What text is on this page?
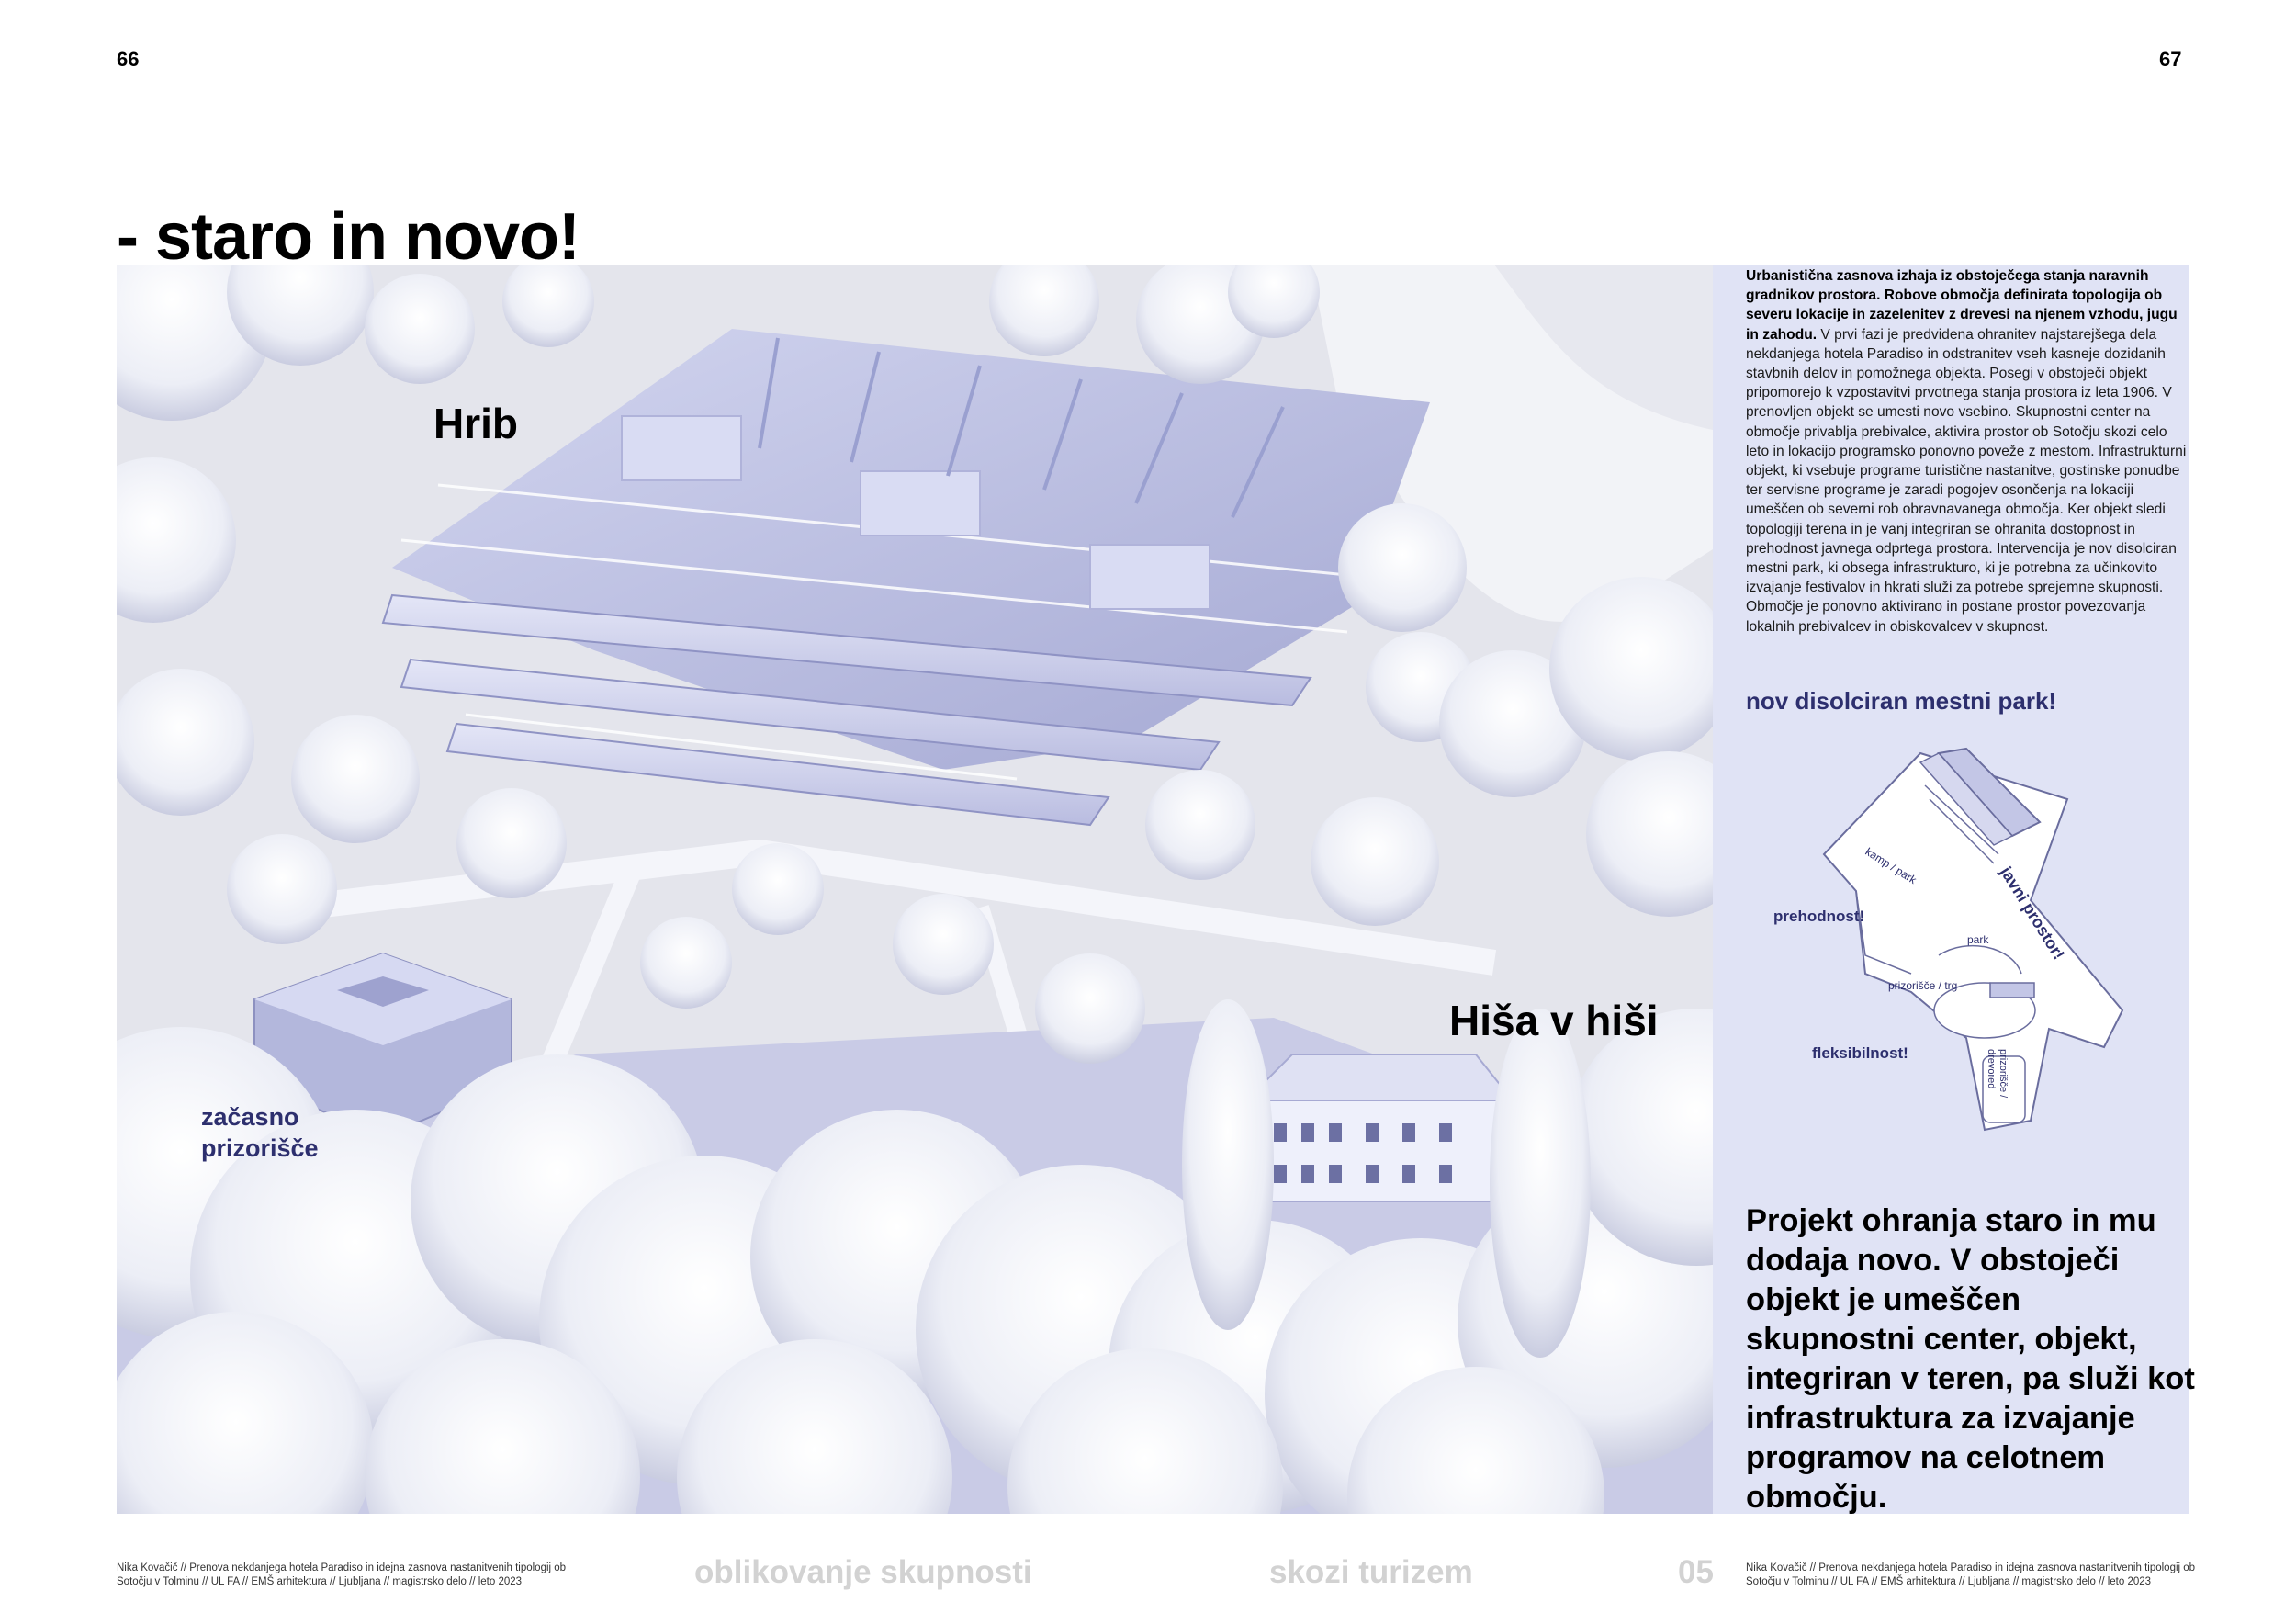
66	67
- staro in novo!
Hrib
Hiša v hiši
začasno prizorišče

Urbanistična zasnova izhaja iz obstoječega stanja naravnih gradnikov prostora. Robove območja definirata topologija ob severu lokacije in zazelenitev z drevesi na njenem vzhodu, jugu in zahodu. V prvi fazi je predvidena ohranitev najstarejšega dela nekdanjega hotela Paradiso in odstranitev vseh kasneje dozidanih stavbnih delov in pomožnega objekta. Posegi v obstoječi objekt pripomorejo k vzpostavitvi prvotnega stanja prostora iz leta 1906. V prenovljen objekt se umesti novo vsebino. Skupnostni center na območje privablja prebivalce, aktivira prostor ob Sotočju skozi celo leto in lokacijo programsko ponovno poveže z mestom. Infrastrukturni objekt, ki vsebuje programe turistične nastanitve, gostinske ponudbe ter servisne programe je zaradi pogojev osončenja na lokaciji umeščen ob severni rob obravnavanega območja. Ker objekt sledi topologiji terena in je vanj integriran se ohranita dostopnost in prehodnost javnega odprtega prostora. Intervencija je nov disolciran mestni park, ki obsega infrastrukturo, ki je potrebna za učinkovito izvajanje festivalov in hkrati služi za potrebe sprejemne skupnosti. Območje je ponovno aktivirano in postane prostor povezovanja lokalnih prebivalcev in obiskovalcev v skupnost.

nov disolciran mestni park!
prehodnost!	javni prostor!
fleksibilnost!
kamp / park
park
prizorišče / trg
prizorišče / drevored

Projekt ohranja staro in mu dodaja novo. V obstoječi objekt je umeščen skupnostni center, objekt, integriran v teren, pa služi kot infrastruktura za izvajanje programov na celotnem območju.

Nika Kovačič // Prenova nekdanjega hotela Paradiso in idejna zasnova nastanitvenih tipologij ob Sotočju v Tolminu // UL FA // EMŠ arhitektura // Ljubljana // magistrsko delo // leto 2023	oblikovanje skupnosti	skozi turizem	05	Nika Kovačič // Prenova nekdanjega hotela Paradiso in idejna zasnova nastanitvenih tipologij ob Sotočju v Tolminu // UL FA // EMŠ arhitektura // Ljubljana // magistrsko delo // leto 2023
